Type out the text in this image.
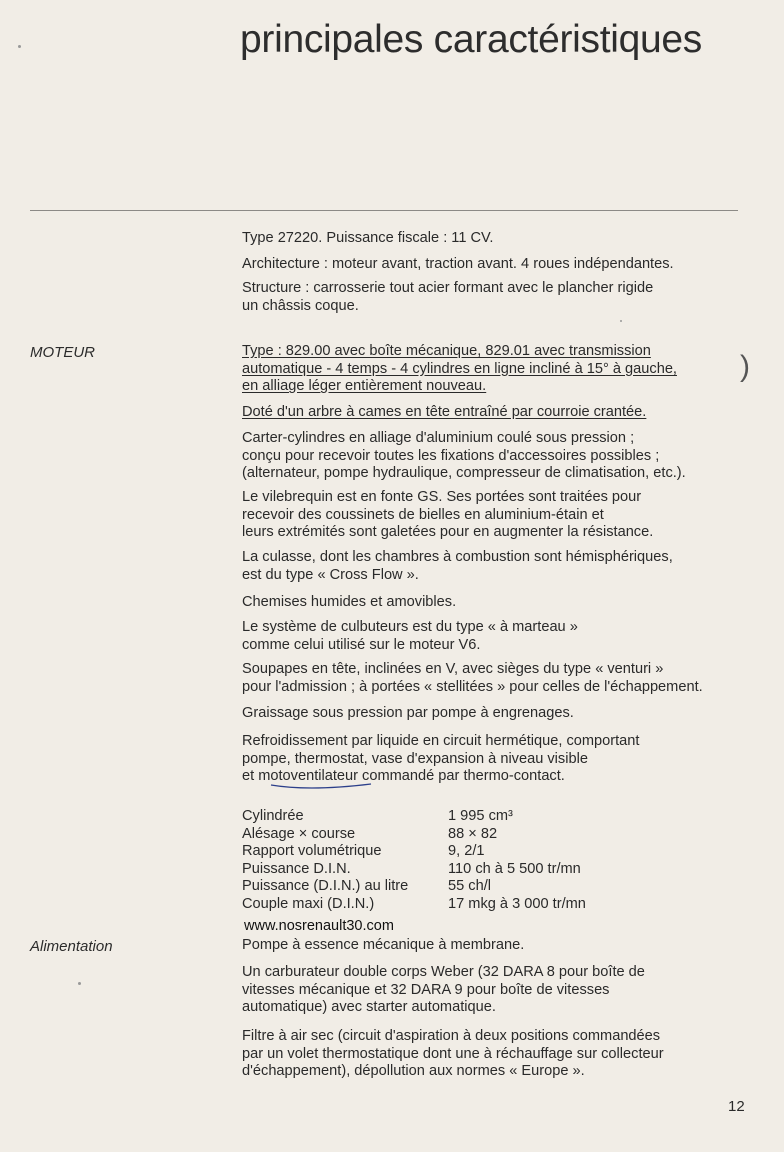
principales caractéristiques
Type 27220. Puissance fiscale : 11 CV.
Architecture : moteur avant, traction avant. 4 roues indépendantes.
Structure : carrosserie tout acier formant avec le plancher rigide
un châssis coque.
MOTEUR	Type : 829.00 avec boîte mécanique, 829.01 avec transmission
automatique - 4 temps - 4 cylindres en ligne incliné à 15° à gauche,
en alliage léger entièrement nouveau.
)
Doté d'un arbre à cames en tête entraîné par courroie crantée.
Carter-cylindres en alliage d'aluminium coulé sous pression ;
conçu pour recevoir toutes les fixations d'accessoires possibles ;
(alternateur, pompe hydraulique, compresseur de climatisation, etc.).
Le vilebrequin est en fonte GS. Ses portées sont traitées pour
recevoir des coussinets de bielles en aluminium-étain et
leurs extrémités sont galetées pour en augmenter la résistance.
La culasse, dont les chambres à combustion sont hémisphériques,
est du type « Cross Flow ».
Chemises humides et amovibles.
Le système de culbuteurs est du type « à marteau »
comme celui utilisé sur le moteur V6.
Soupapes en tête, inclinées en V, avec sièges du type « venturi »
pour l'admission ; à portées « stellitées » pour celles de l'échappement.
Graissage sous pression par pompe à engrenages.
Refroidissement par liquide en circuit hermétique, comportant
pompe, thermostat, vase d'expansion à niveau visible
et motoventilateur commandé par thermo-contact.
Cylindrée	1 995 cm³
Alésage × course	88 × 82
Rapport volumétrique	9, 2/1
Puissance D.I.N.	110 ch à 5 500 tr/mn
Puissance (D.I.N.) au litre	55 ch/l
Couple maxi (D.I.N.)	17 mkg à 3 000 tr/mn
www.nosrenault30.com
Alimentation	Pompe à essence mécanique à membrane.
Un carburateur double corps Weber (32 DARA 8 pour boîte de
vitesses mécanique et 32 DARA 9 pour boîte de vitesses
automatique) avec starter automatique.
Filtre à air sec (circuit d'aspiration à deux positions commandées
par un volet thermostatique dont une à réchauffage sur collecteur
d'échappement), dépollution aux normes « Europe ».
12
